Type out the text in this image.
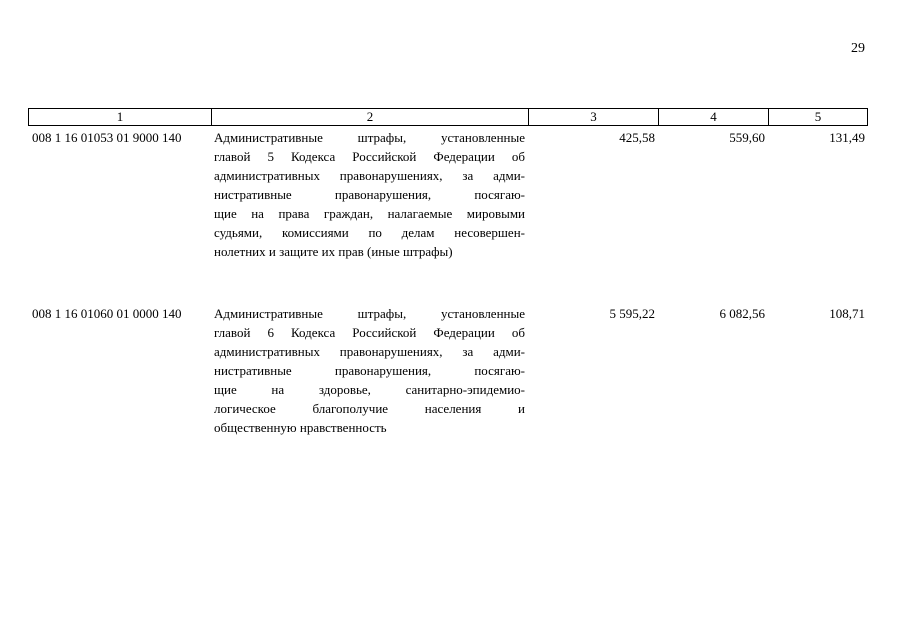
29
1	2	3	4	5
008 1 16 01053 01 9000 140	Административные штрафы, установленные
главой 5 Кодекса Российской Федерации об
административных правонарушениях, за адми-
нистративные правонарушения, посягаю-
щие на права граждан, налагаемые мировыми
судьями, комиссиями по делам несовершен-
нолетних и защите их прав (иные штрафы)
425,58	559,60	131,49
008 1 16 01060 01 0000 140	Административные штрафы, установленные
главой 6 Кодекса Российской Федерации об
административных правонарушениях, за адми-
нистративные правонарушения, посягаю-
щие на здоровье, санитарно-эпидемио-
логическое благополучие населения и
общественную нравственность
5 595,22	6 082,56	108,71
